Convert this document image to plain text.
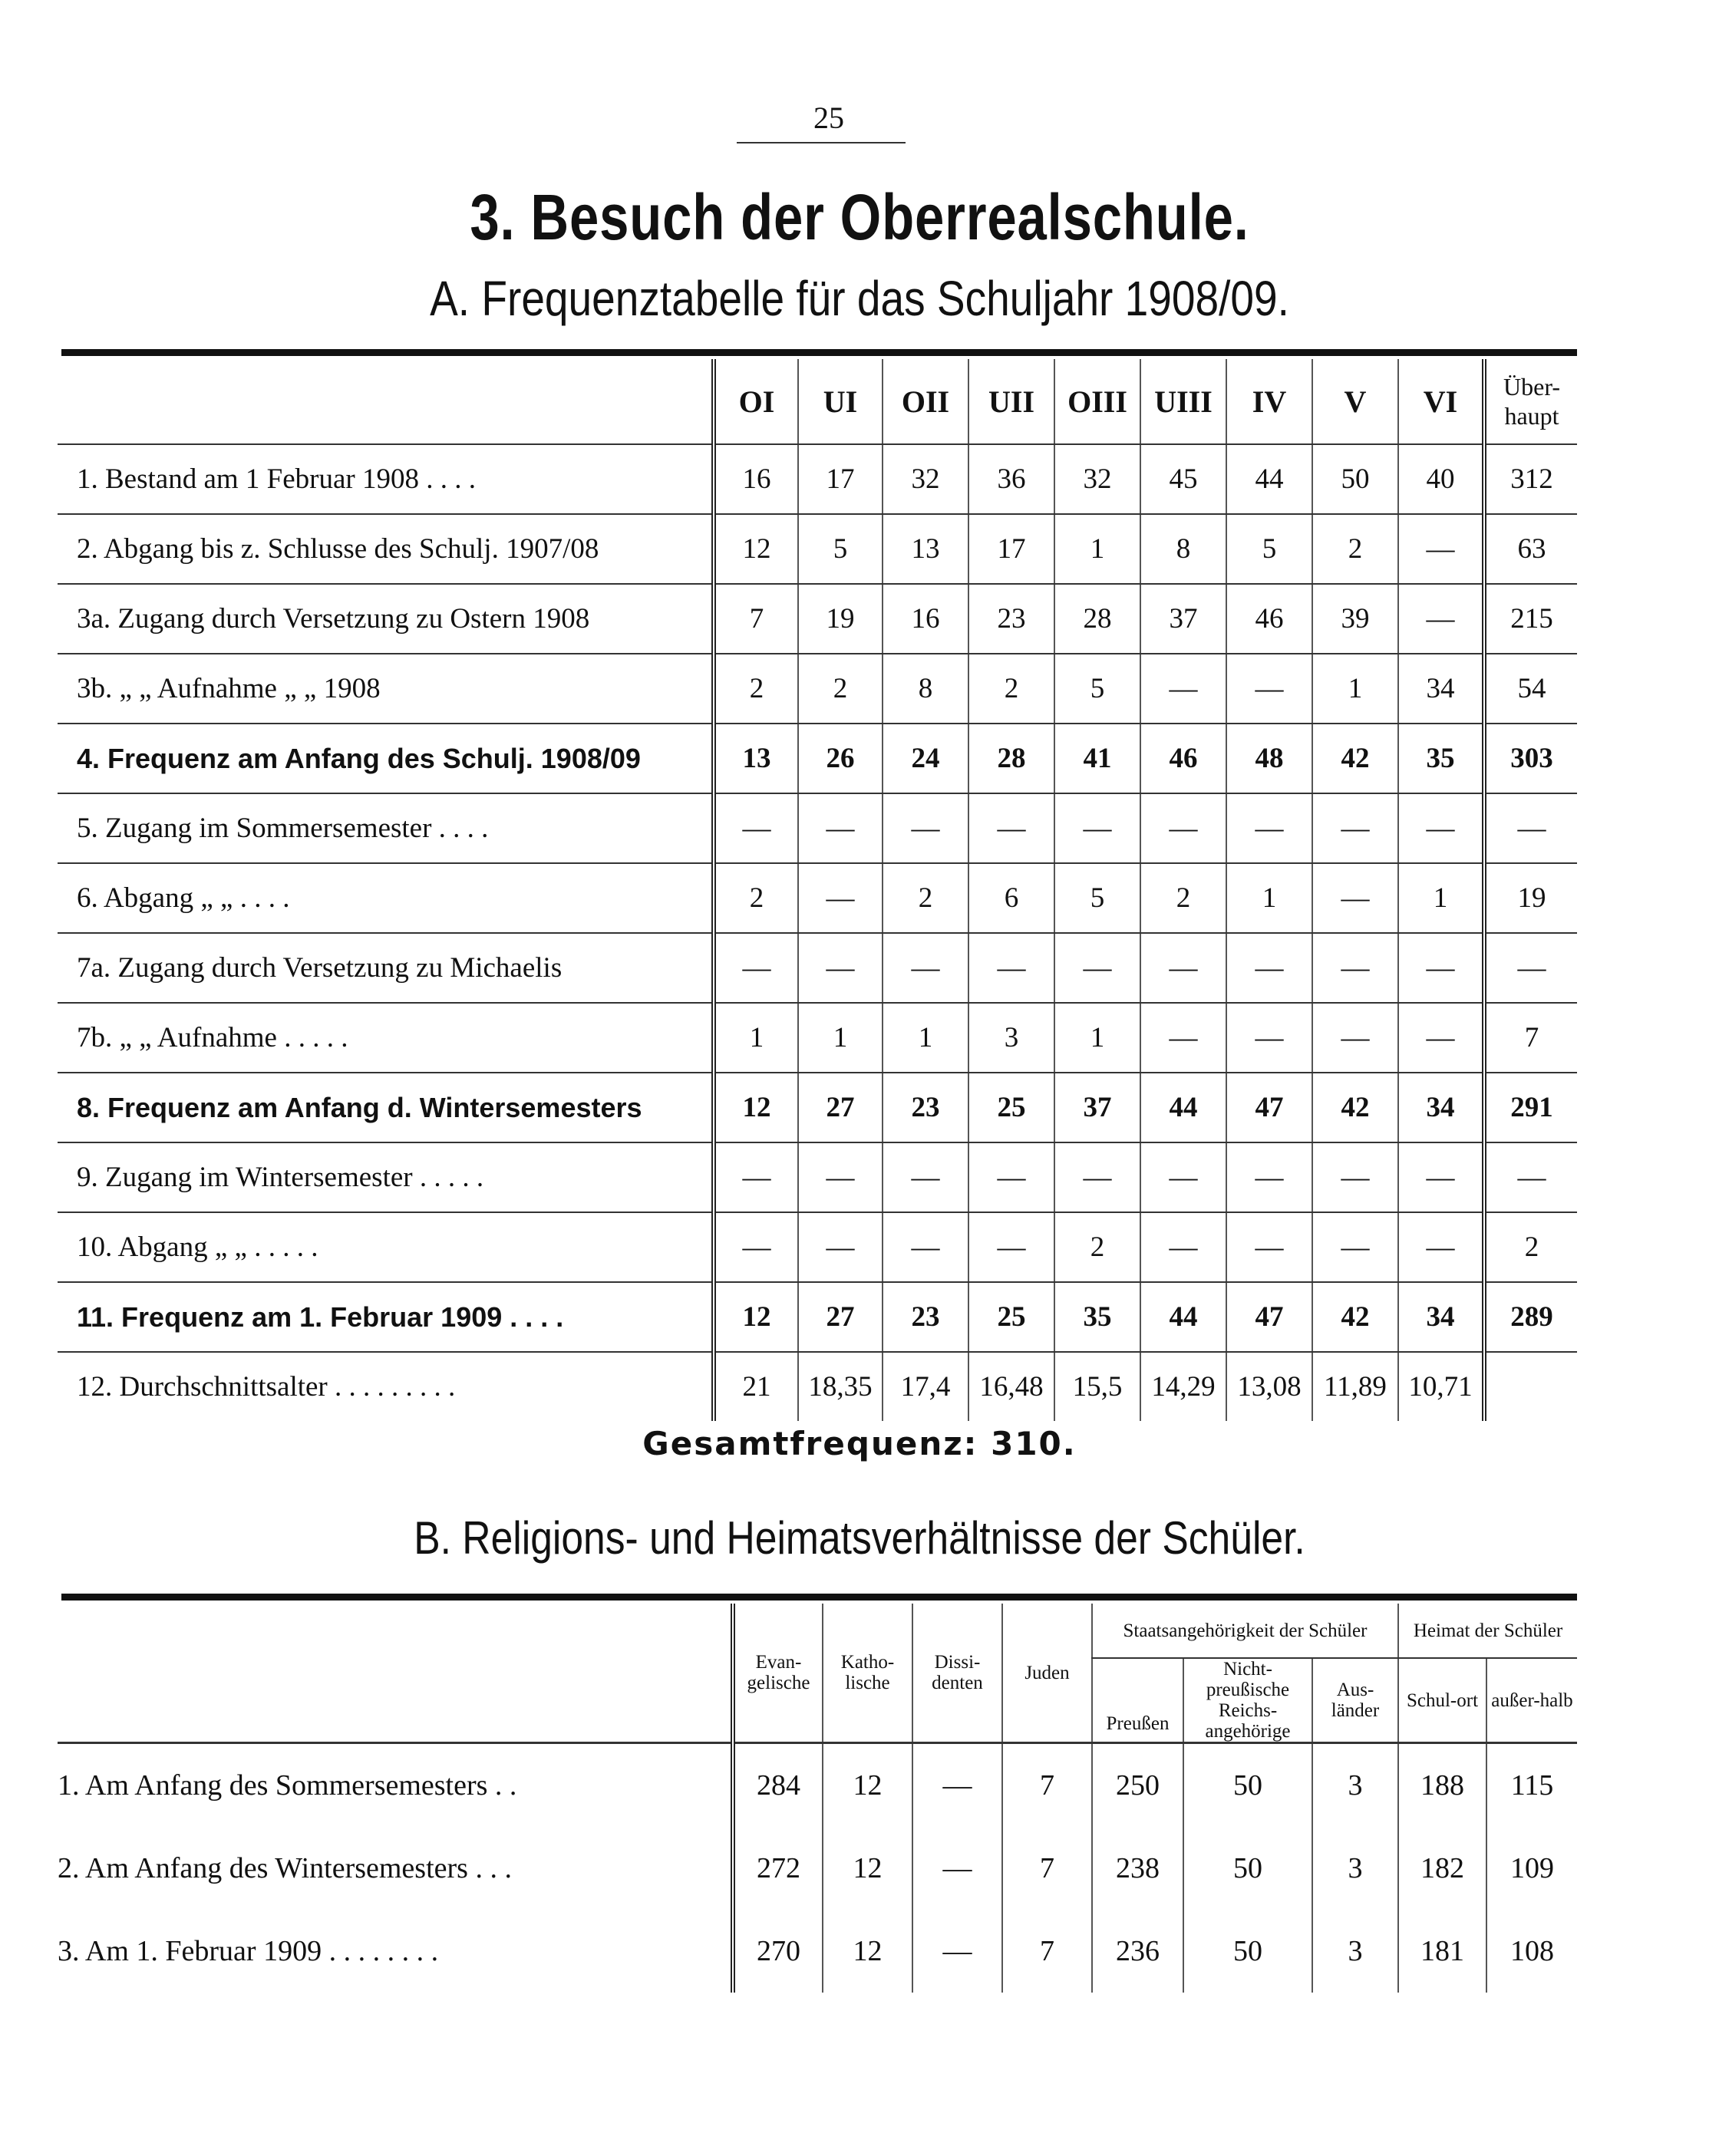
25
3. Besuch der Oberrealschule.
A. Frequenztabelle für das Schuljahr 1908/09.
	OI	UI	OII	UII	OIII	UIII	IV	V	VI	Über-
haupt
1. Bestand am 1 Februar 1908 . . . .	16	17	32	36	32	45	44	50	40	312
2. Abgang bis z. Schlusse des Schulj. 1907/08	12	5	13	17	1	8	5	2	—	63
3a. Zugang durch Versetzung zu Ostern 1908	7	19	16	23	28	37	46	39	—	215
3b. „ „ Aufnahme „ „ 1908	2	2	8	2	5	—	—	1	34	54
4. Frequenz am Anfang des Schulj. 1908/09	13	26	24	28	41	46	48	42	35	303
5. Zugang im Sommersemester . . . .	—	—	—	—	—	—	—	—	—	—
6. Abgang „ „ . . . .	2	—	2	6	5	2	1	—	1	19
7a. Zugang durch Versetzung zu Michaelis	—	—	—	—	—	—	—	—	—	—
7b. „ „ Aufnahme . . . . .	1	1	1	3	1	—	—	—	—	7
8. Frequenz am Anfang d. Wintersemesters	12	27	23	25	37	44	47	42	34	291
9. Zugang im Wintersemester . . . . .	—	—	—	—	—	—	—	—	—	—
10. Abgang „ „ . . . . .	—	—	—	—	2	—	—	—	—	2
11. Frequenz am 1. Februar 1909 . . . .	12	27	23	25	35	44	47	42	34	289
12. Durchschnittsalter . . . . . . . . .	21	18,35	17,4	16,48	15,5	14,29	13,08	11,89	10,71	
Gesamtfrequenz: 310.
B. Religions- und Heimatsverhältnisse der Schüler.
	Evan-gelische	Katho-lische	Dissi-denten	Juden	Staatsangehörigkeit der Schüler			Heimat der Schüler	
					Preußen	Nicht-preußische Reichs-angehörige	Aus-länder	Schul-ort	außer-halb
1. Am Anfang des Sommersemesters . .	284	12	—	7	250	50	3	188	115
2. Am Anfang des Wintersemesters . . .	272	12	—	7	238	50	3	182	109
3. Am 1. Februar 1909 . . . . . . . .	270	12	—	7	236	50	3	181	108
